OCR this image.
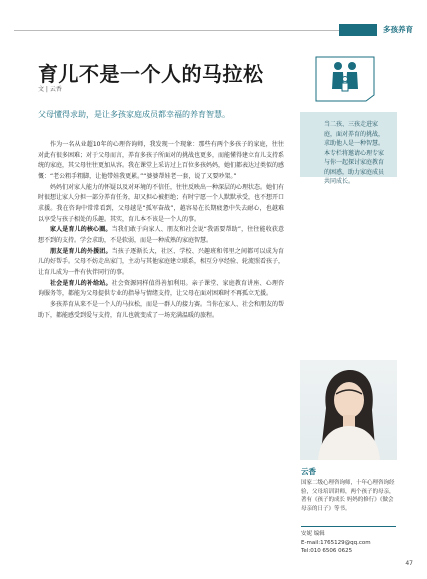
多孩养育
育儿不是一个人的马拉松
文 | 云香
父母懂得求助，是让多孩家庭成员都幸福的养育智慧。

当二孩、三孩走进家庭，面对养育的挑战，求助他人是一种智慧。本专栏将邀请心理专家与你一起探讨家庭教育的困惑，助力家庭成员共同成长。

作为一名从业超10年的心理咨询师，我发现一个现象：那些有两个多孩子的家庭，往往对此有很多困难；对于父母而言，养育多孩子所面对的挑战也更多，而能懂得建立育儿支持系统的家庭，其父母往往更加从容。我在课堂上采访过上百位多孩妈妈，她们都表达过类似的感慨：“老公粗手粗脚，让他带娃我更累。”“婆婆帮娃老一套，说了又要吵架。”

妈妈们对家人能力的怀疑以及对环境的不信任，往往反映出一种深层的心理状态。她们有时很想让家人分担一部分养育任务，却又担心被拒绝；有时宁愿一个人默默承受，也不想开口求援。我在咨询中常常看到，父母越是“孤军奋战”，越容易在长期疲惫中失去耐心，也越难以享受与孩子相处的乐趣。其实，育儿本不该是一个人的事。

家人是育儿的核心圈。当我们敢于向家人、朋友和社会说“我需要帮助”，往往能收获意想不到的支持。学会求助，不是软弱，而是一种成熟的家庭智慧。

朋友是育儿的外援团。当孩子逐渐长大，社区、学校、兴趣班和邻里之间都可以成为育儿的好帮手。父母不妨走出家门，主动与其他家庭建立联系，相互分享经验、轮流照看孩子，让育儿成为一件有伙伴同行的事。

社会是育儿的补给站。社会资源同样值得善加利用。亲子课堂、家庭教育讲座、心理咨询服务等，都能为父母提供专业的指导与情绪支持，让父母在面对困难时不再孤立无援。

多孩养育从来不是一个人的马拉松，而是一群人的接力赛。当你在家人、社会和朋友的帮助下，都能感受到爱与支持，育儿也就变成了一场充满温暖的旅程。

云香
国家二级心理咨询师，十年心理咨询经验，父母培训讲师，两个孩子的母亲，著有《孩子的成长 妈妈的修行》《做会母亲的日子》等书。
安妮 编辑
E-mail:1765129@qq.com
Tel:010 6506 0625
47
